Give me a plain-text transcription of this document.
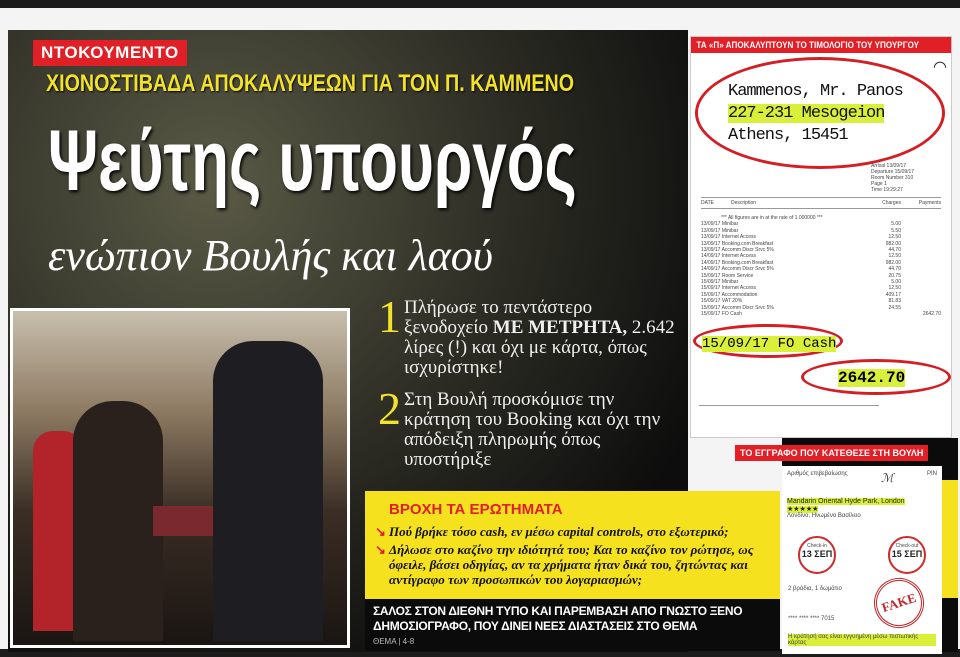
ΝΤΟΚΟΥΜΕΝΤΟ
ΧΙΟΝΟΣΤΙΒΑΔΑ ΑΠΟΚΑΛΥΨΕΩΝ ΓΙΑ ΤΟΝ Π. ΚΑΜΜΕΝΟ
Ψεύτης υπουργός
ενώπιον Βουλής και λαού
1 Πλήρωσε το πεντάστερο ξενοδοχείο ΜΕ ΜΕΤΡΗΤΑ, 2.642 λίρες (!) και όχι με κάρτα, όπως ισχυρίστηκε!
2 Στη Βουλή προσκόμισε την κράτηση του Booking και όχι την απόδειξη πληρωμής όπως υποστήριξε
ΒΡΟΧΗ ΤΑ ΕΡΩΤΗΜΑΤΑ
↘ Πού βρήκε τόσο cash, εν μέσω capital controls, στο εξωτερικό;
↘ Δήλωσε στο καζίνο την ιδιότητά του; Και το καζίνο τον ρώτησε, ως όφειλε, βάσει οδηγίας, αν τα χρήματα ήταν δικά του, ζητώντας και αντίγραφο των προσωπικών του λογαριασμών;
ΣΑΛΟΣ ΣΤΟΝ ΔΙΕΘΝΗ ΤΥΠΟ ΚΑΙ ΠΑΡΕΜΒΑΣΗ ΑΠΟ ΓΝΩΣΤΟ ΞΕΝΟ ΔΗΜΟΣΙΟΓΡΑΦΟ, ΠΟΥ ΔΙΝΕΙ ΝΕΕΣ ΔΙΑΣΤΑΣΕΙΣ ΣΤΟ ΘΕΜΑ
ΘΕΜΑ | 4-8
ΤΑ «Π» ΑΠΟΚΑΛΥΠΤΟΥΝ ΤΟ ΤΙΜΟΛΟΓΙΟ ΤΟΥ ΥΠΟΥΡΓΟΥ
Kammenos, Mr. Panos
227-231 Mesogeion
Athens, 15451
◠
Arrival 13/09/17
Departure 15/09/17
Room Number 310
Page 1
Time 19:29:27
DATE	Description	Charges	Payments
*** All figures are in at the rate of 1.000000 ***
13/09/17 Minibar	5.00
13/09/17 Minibar	5.50
13/09/17 Internet Access	12.50
13/09/17 Booking.com Breakfast	982.00
13/09/17 Accomm Discr Srvc 5%	44.70
14/09/17 Internet Access	12.50
14/09/17 Booking.com Breakfast	982.00
14/09/17 Accomm Discr Srvc 5%	44.70
15/09/17 Room Service	20.75
15/09/17 Minibar	5.00
15/09/17 Internet Access	12.50
15/09/17 Accommodation	409.17
15/09/17 VAT 20%	81.83
15/09/17 Accomm Discr Srvc 5%	24.55
15/09/17 FO Cash	2642.70
15/09/17 FO Cash
2642.70
ΤΟ ΕΓΓΡΑΦΟ ΠΟΥ ΚΑΤΕΘΕΣΕ ΣΤΗ ΒΟΥΛΗ
Αριθμός επιβεβαίωσης	ℳ	PIN
Mandarin Oriental Hyde Park, London ★★★★★
Λονδίνο, Ηνωμένο Βασίλειο
Check-in
13 ΣΕΠ
Check-out
15 ΣΕΠ
2 βράδια, 1 δωμάτιο
FAKE
**** **** **** 7015
Η κράτησή σας είναι εγγυημένη μέσω πιστωτικής κάρτας
